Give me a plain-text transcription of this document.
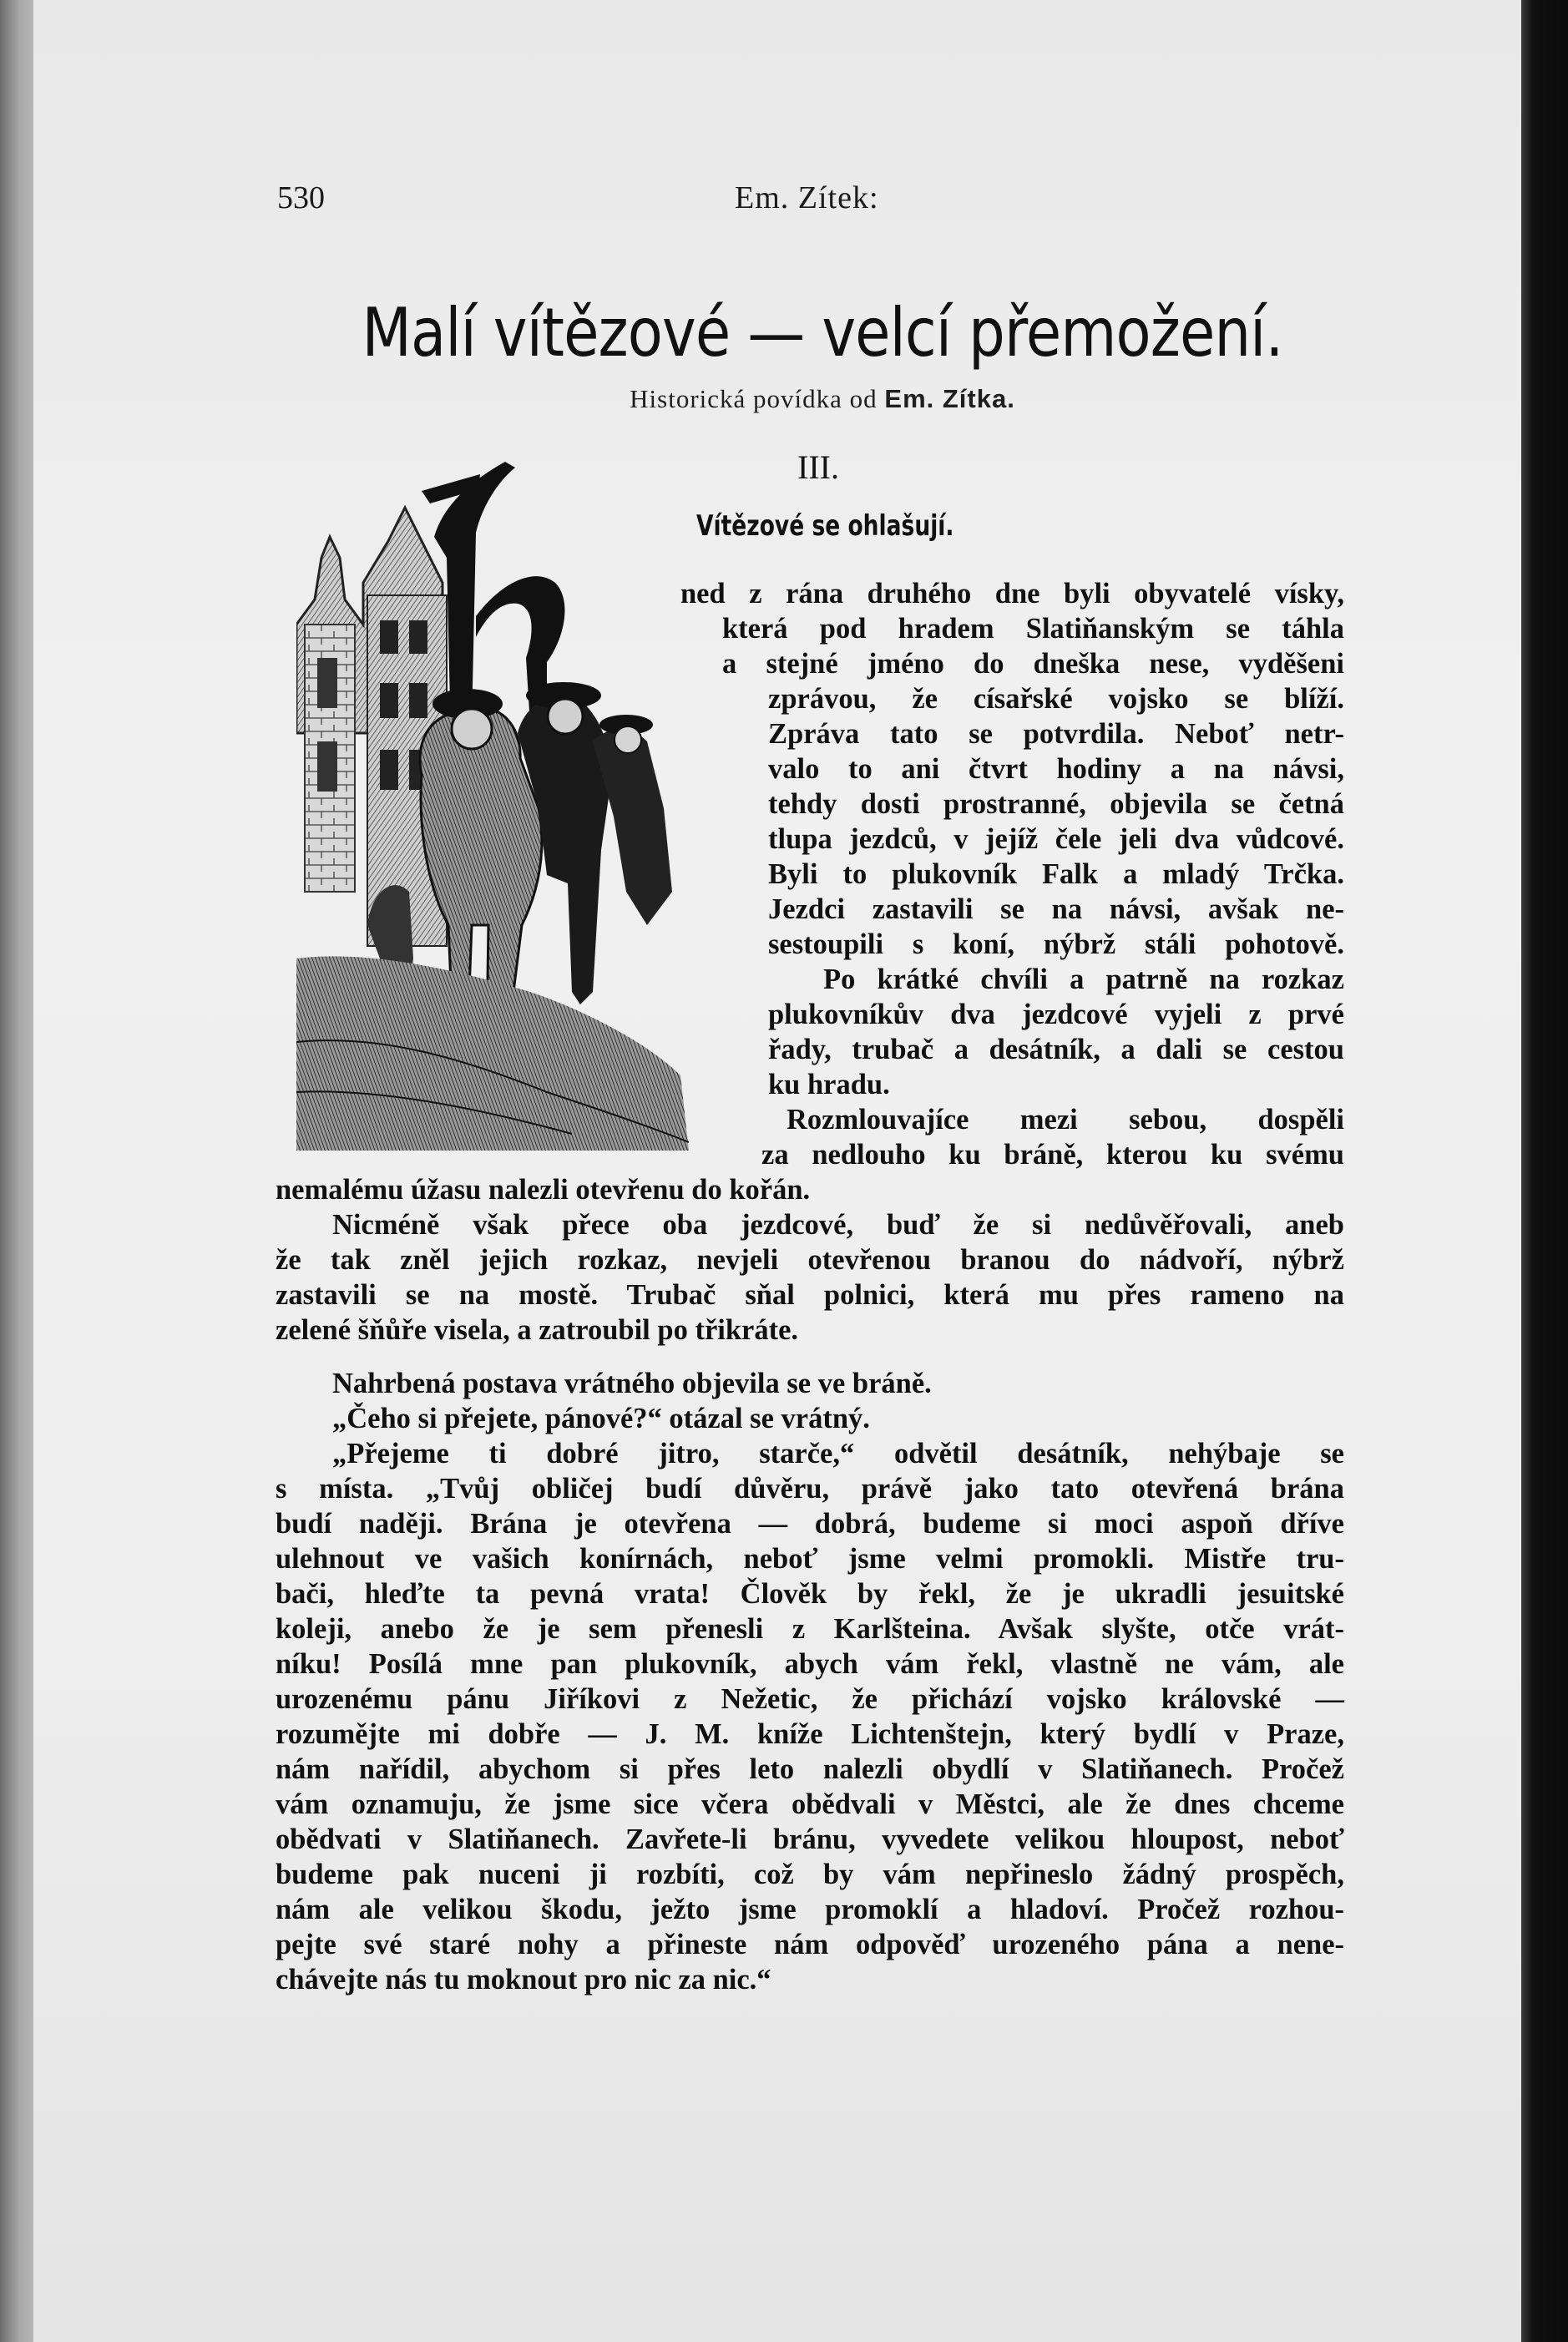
530	Em. Zítek:
Malí vítězové — velcí přemožení.
Historická povídka od Em. Zítka.
III.
Vítězové se ohlašují.
ned z rána druhého dne byli obyvatelé vísky,
která pod hradem Slatiňanským se táhla
a stejné jméno do dneška nese, vyděšeni
zprávou, že císařské vojsko se blíží.
Zpráva tato se potvrdila. Neboť netr-
valo to ani čtvrt hodiny a na návsi,
tehdy dosti prostranné, objevila se četná
tlupa jezdců, v jejíž čele jeli dva vůdcové.
Byli to plukovník Falk a mladý Trčka.
Jezdci zastavili se na návsi, avšak ne-
sestoupili s koní, nýbrž stáli pohotově.
Po krátké chvíli a patrně na rozkaz
plukovníkův dva jezdcové vyjeli z prvé
řady, trubač a desátník, a dali se cestou
ku hradu.
Rozmlouvajíce mezi sebou, dospěli
za nedlouho ku bráně, kterou ku svému
nemalému úžasu nalezli otevřenu do kořán.
Nicméně však přece oba jezdcové, buď že si nedůvěřovali, aneb
že tak zněl jejich rozkaz, nevjeli otevřenou branou do nádvoří, nýbrž
zastavili se na mostě. Trubač sňal polnici, která mu přes rameno na
zelené šňůře visela, a zatroubil po třikráte.
Nahrbená postava vrátného objevila se ve bráně.
„Čeho si přejete, pánové?“ otázal se vrátný.
„Přejeme ti dobré jitro, starče,“ odvětil desátník, nehýbaje se
s místa. „Tvůj obličej budí důvěru, právě jako tato otevřená brána
budí naději. Brána je otevřena — dobrá, budeme si moci aspoň dříve
ulehnout ve vašich konírnách, neboť jsme velmi promokli. Mistře tru-
bači, hleďte ta pevná vrata! Člověk by řekl, že je ukradli jesuitské
koleji, anebo že je sem přenesli z Karlšteina. Avšak slyšte, otče vrát-
níku! Posílá mne pan plukovník, abych vám řekl, vlastně ne vám, ale
urozenému pánu Jiříkovi z Nežetic, že přichází vojsko královské —
rozumějte mi dobře — J. M. kníže Lichtenštejn, který bydlí v Praze,
nám nařídil, abychom si přes leto nalezli obydlí v Slatiňanech. Pročež
vám oznamuju, že jsme sice včera obědvali v Městci, ale že dnes chceme
obědvati v Slatiňanech. Zavřete-li bránu, vyvedete velikou hloupost, neboť
budeme pak nuceni ji rozbíti, což by vám nepřineslo žádný prospěch,
nám ale velikou škodu, ježto jsme promoklí a hladoví. Pročež rozhou-
pejte své staré nohy a přineste nám odpověď urozeného pána a nene-
chávejte nás tu moknout pro nic za nic.“
